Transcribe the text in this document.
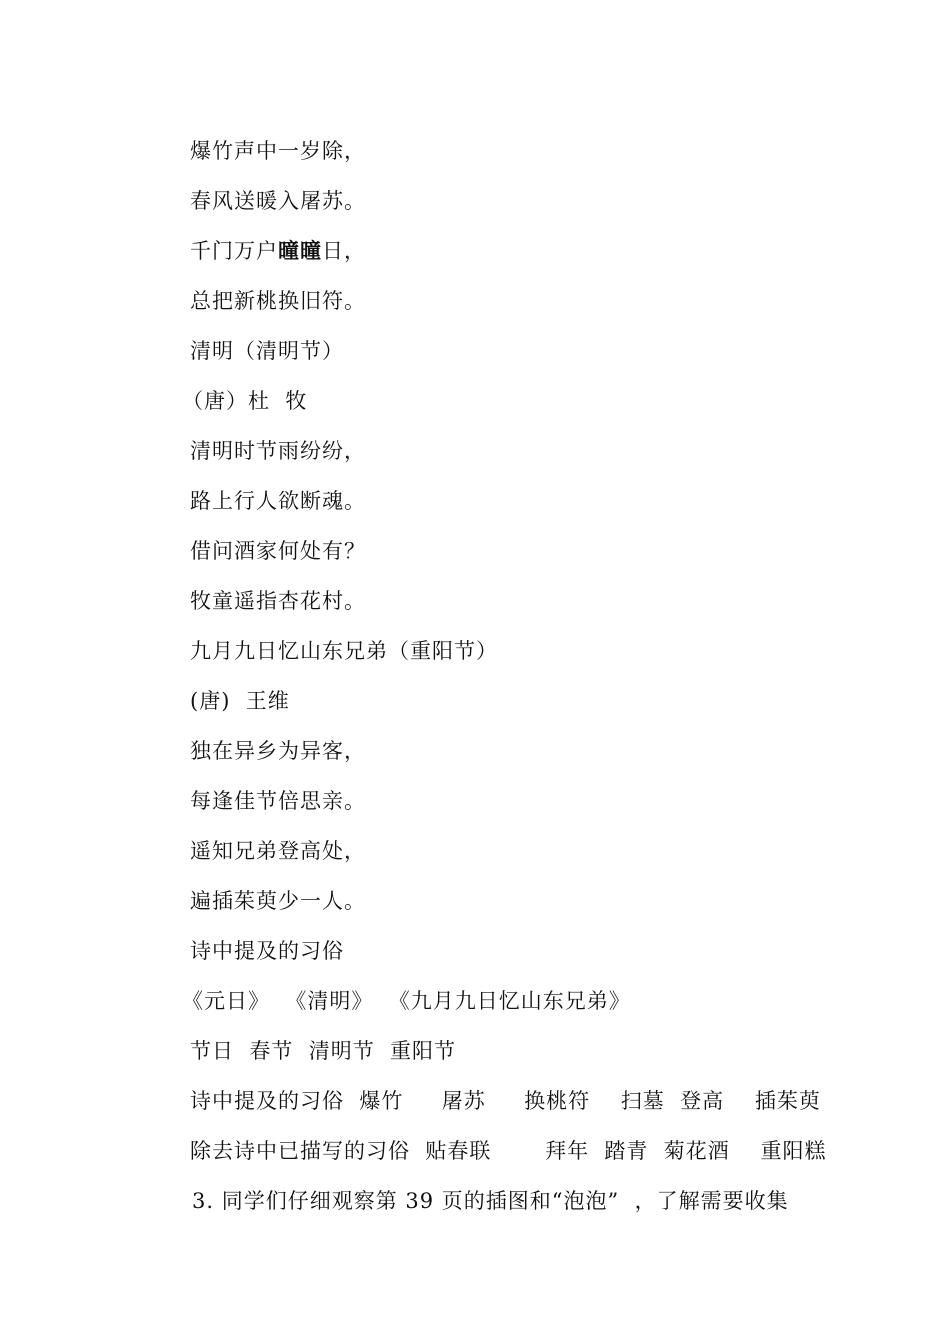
爆竹声中一岁除，
春风送暖入屠苏。
千门万户曈曈日，
总把新桃换旧符。
清明（清明节）
（唐）杜  牧
清明时节雨纷纷，
路上行人欲断魂。
借问酒家何处有？
牧童遥指杏花村。
九月九日忆山东兄弟（重阳节）
(唐)  王维
独在异乡为异客，
每逢佳节倍思亲。
遥知兄弟登高处，
遍插茱萸少一人。
诗中提及的习俗
《元日》  《清明》  《九月九日忆山东兄弟》
节日  春节  清明节  重阳节
诗中提及的习俗  爆竹     屠苏     换桃符    扫墓  登高    插茱萸
除去诗中已描写的习俗  贴春联       拜年  踏青  菊花酒    重阳糕
3. 同学们仔细观察第 39 页的插图和“泡泡”  ，了解需要收集
